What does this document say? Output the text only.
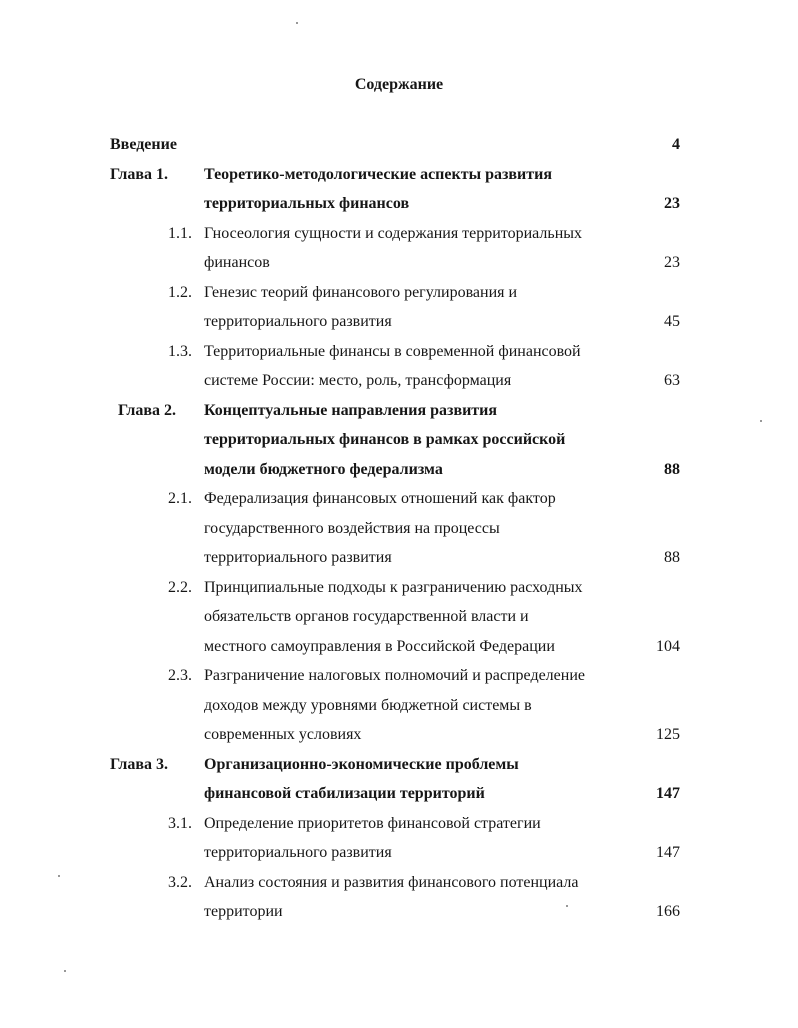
Содержание
Введение	4
Глава 1. Теоретико-методологические аспекты развития
территориальных финансов	23
1.1. Гносеология сущности и содержания территориальных
финансов	23
1.2. Генезис теорий финансового регулирования и
территориального развития	45
1.3. Территориальные финансы в современной финансовой
системе России: место, роль, трансформация	63
Глава 2. Концептуальные направления развития
территориальных финансов в рамках российской
модели бюджетного федерализма	88
2.1. Федерализация финансовых отношений как фактор
государственного воздействия на процессы
территориального развития	88
2.2. Принципиальные подходы к разграничению расходных
обязательств органов государственной власти и
местного самоуправления в Российской Федерации	104
2.3. Разграничение налоговых полномочий и распределение
доходов между уровнями бюджетной системы в
современных условиях	125
Глава 3. Организационно-экономические проблемы
финансовой стабилизации территорий	147
3.1. Определение приоритетов финансовой стратегии
территориального развития	147
3.2. Анализ состояния и развития финансового потенциала
территории	166
